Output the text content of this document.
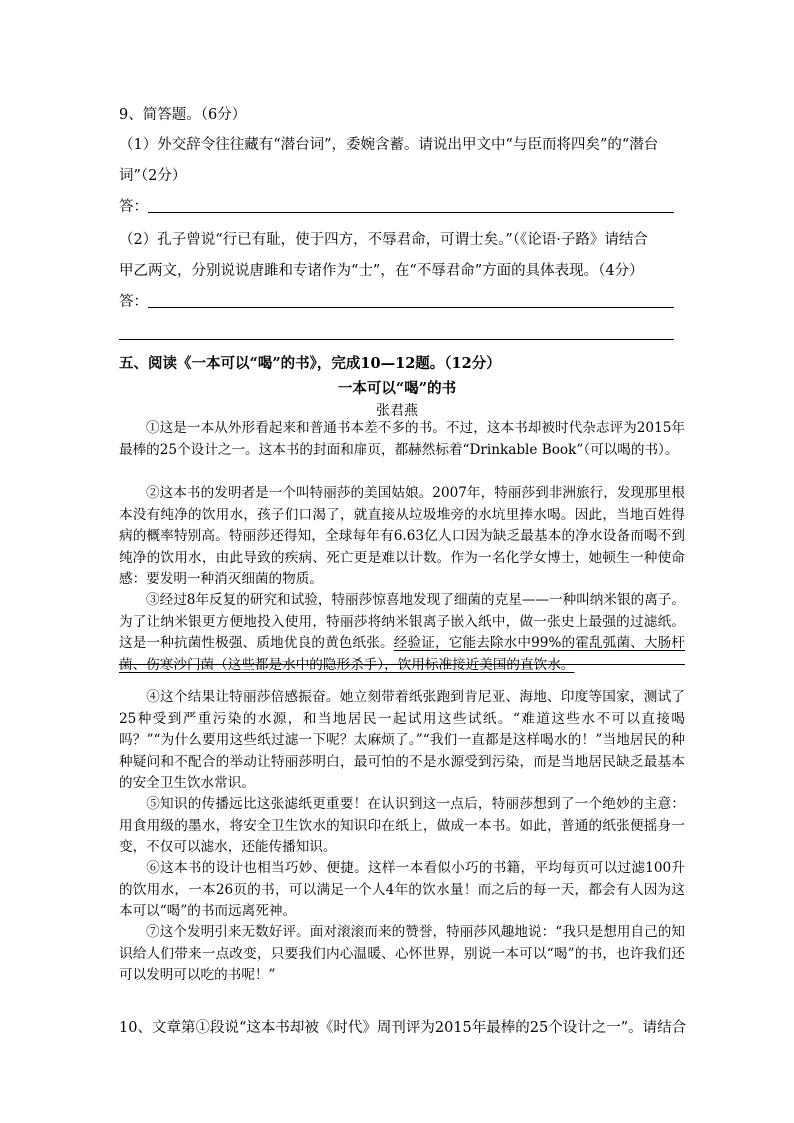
9、简答题。（6分）
（1）外交辞令往往藏有“潜台词”，委婉含蓄。请说出甲文中“与臣而将四矣”的“潜台
词”（2分）
答：
（2）孔子曾说“行已有耻，使于四方，不辱君命，可谓士矣。”（《论语·子路》请结合
甲乙两文，分别说说唐雎和专诸作为“士”，在“不辱君命”方面的具体表现。（4分）
答：
五、阅读《一本可以“喝”的书》，完成10—12题。（12分）
一本可以“喝”的书
张君燕
①这是一本从外形看起来和普通书本差不多的书。不过，这本书却被时代杂志评为2015年最棒的25个设计之一。这本书的封面和扉页，都赫然标着“Drinkable Book”（可以喝的书）。
②这本书的发明者是一个叫特丽莎的美国姑娘。2007年，特丽莎到非洲旅行，发现那里根本没有纯净的饮用水，孩子们口渴了，就直接从垃圾堆旁的水坑里捧水喝。因此，当地百姓得病的概率特别高。特丽莎还得知，全球每年有6.63亿人口因为缺乏最基本的净水设备而喝不到纯净的饮用水，由此导致的疾病、死亡更是难以计数。作为一名化学女博士，她顿生一种使命感：要发明一种消灭细菌的物质。
③经过8年反复的研究和试验，特丽莎惊喜地发现了细菌的克星——一种叫纳米银的离子。为了让纳米银更方便地投入使用，特丽莎将纳米银离子嵌入纸中，做一张史上最强的过滤纸。这是一种抗菌性极强、质地优良的黄色纸张。经验证，它能去除水中99%的霍乱弧菌、大肠杆菌、伤寒沙门菌（这些都是水中的隐形杀手），饮用标准接近美国的直饮水。
④这个结果让特丽莎倍感振奋。她立刻带着纸张跑到肯尼亚、海地、印度等国家，测试了25种受到严重污染的水源，和当地居民一起试用这些试纸。“难道这些水不可以直接喝吗？”“为什么要用这些纸过滤一下呢？太麻烦了。”“我们一直都是这样喝水的！”当地居民的种种疑问和不配合的举动让特丽莎明白，最可怕的不是水源受到污染，而是当地居民缺乏最基本的安全卫生饮水常识。
⑤知识的传播远比这张滤纸更重要！在认识到这一点后，特丽莎想到了一个绝妙的主意：用食用级的墨水，将安全卫生饮水的知识印在纸上，做成一本书。如此，普通的纸张便摇身一变，不仅可以滤水，还能传播知识。
⑥这本书的设计也相当巧妙、便捷。这样一本看似小巧的书籍，平均每页可以过滤100升的饮用水，一本26页的书，可以满足一个人4年的饮水量！而之后的每一天，都会有人因为这本可以“喝”的书而远离死神。
⑦这个发明引来无数好评。面对滚滚而来的赞誉，特丽莎风趣地说：“我只是想用自己的知识给人们带来一点改变，只要我们内心温暖、心怀世界，别说一本可以“喝”的书，也许我们还可以发明可以吃的书呢！”
10、文章第①段说“这本书却被《时代》周刊评为2015年最棒的25个设计之一”。请结合
